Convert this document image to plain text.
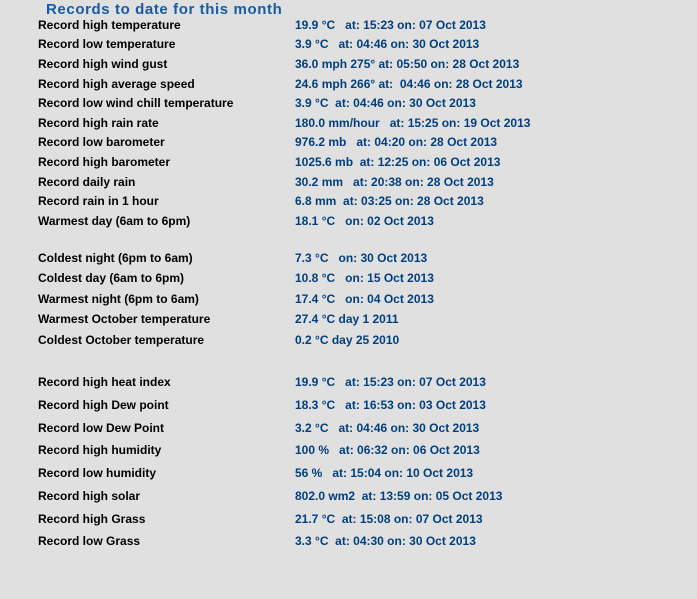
Records to date for this month
Record high temperature	19.9 °C   at: 15:23 on: 07 Oct 2013
Record low temperature	3.9 °C   at: 04:46 on: 30 Oct 2013
Record high wind gust	36.0 mph 275° at: 05:50 on: 28 Oct 2013
Record high average speed	24.6 mph 266° at:  04:46 on: 28 Oct 2013
Record low wind chill temperature	3.9 °C  at: 04:46 on: 30 Oct 2013
Record high rain rate	180.0 mm/hour   at: 15:25 on: 19 Oct 2013
Record low barometer	976.2 mb   at: 04:20 on: 28 Oct 2013
Record high barometer	1025.6 mb  at: 12:25 on: 06 Oct 2013
Record daily rain	30.2 mm   at: 20:38 on: 28 Oct 2013
Record rain in 1 hour	6.8 mm  at: 03:25 on: 28 Oct 2013
Warmest day (6am to 6pm)	18.1 °C   on: 02 Oct 2013
Coldest night (6pm to 6am)	7.3 °C   on: 30 Oct 2013
Coldest day (6am to 6pm)	10.8 °C   on: 15 Oct 2013
Warmest night (6pm to 6am)	17.4 °C   on: 04 Oct 2013
Warmest October temperature	27.4 °C day 1 2011
Coldest October temperature	0.2 °C day 25 2010
Record high heat index	19.9 °C   at: 15:23 on: 07 Oct 2013
Record high Dew point	18.3 °C   at: 16:53 on: 03 Oct 2013
Record low Dew Point	3.2 °C   at: 04:46 on: 30 Oct 2013
Record high humidity	100 %   at: 06:32 on: 06 Oct 2013
Record low humidity	56 %   at: 15:04 on: 10 Oct 2013
Record high solar	802.0 wm2  at: 13:59 on: 05 Oct 2013
Record high Grass	21.7 °C  at: 15:08 on: 07 Oct 2013
Record low Grass	3.3 °C  at: 04:30 on: 30 Oct 2013
